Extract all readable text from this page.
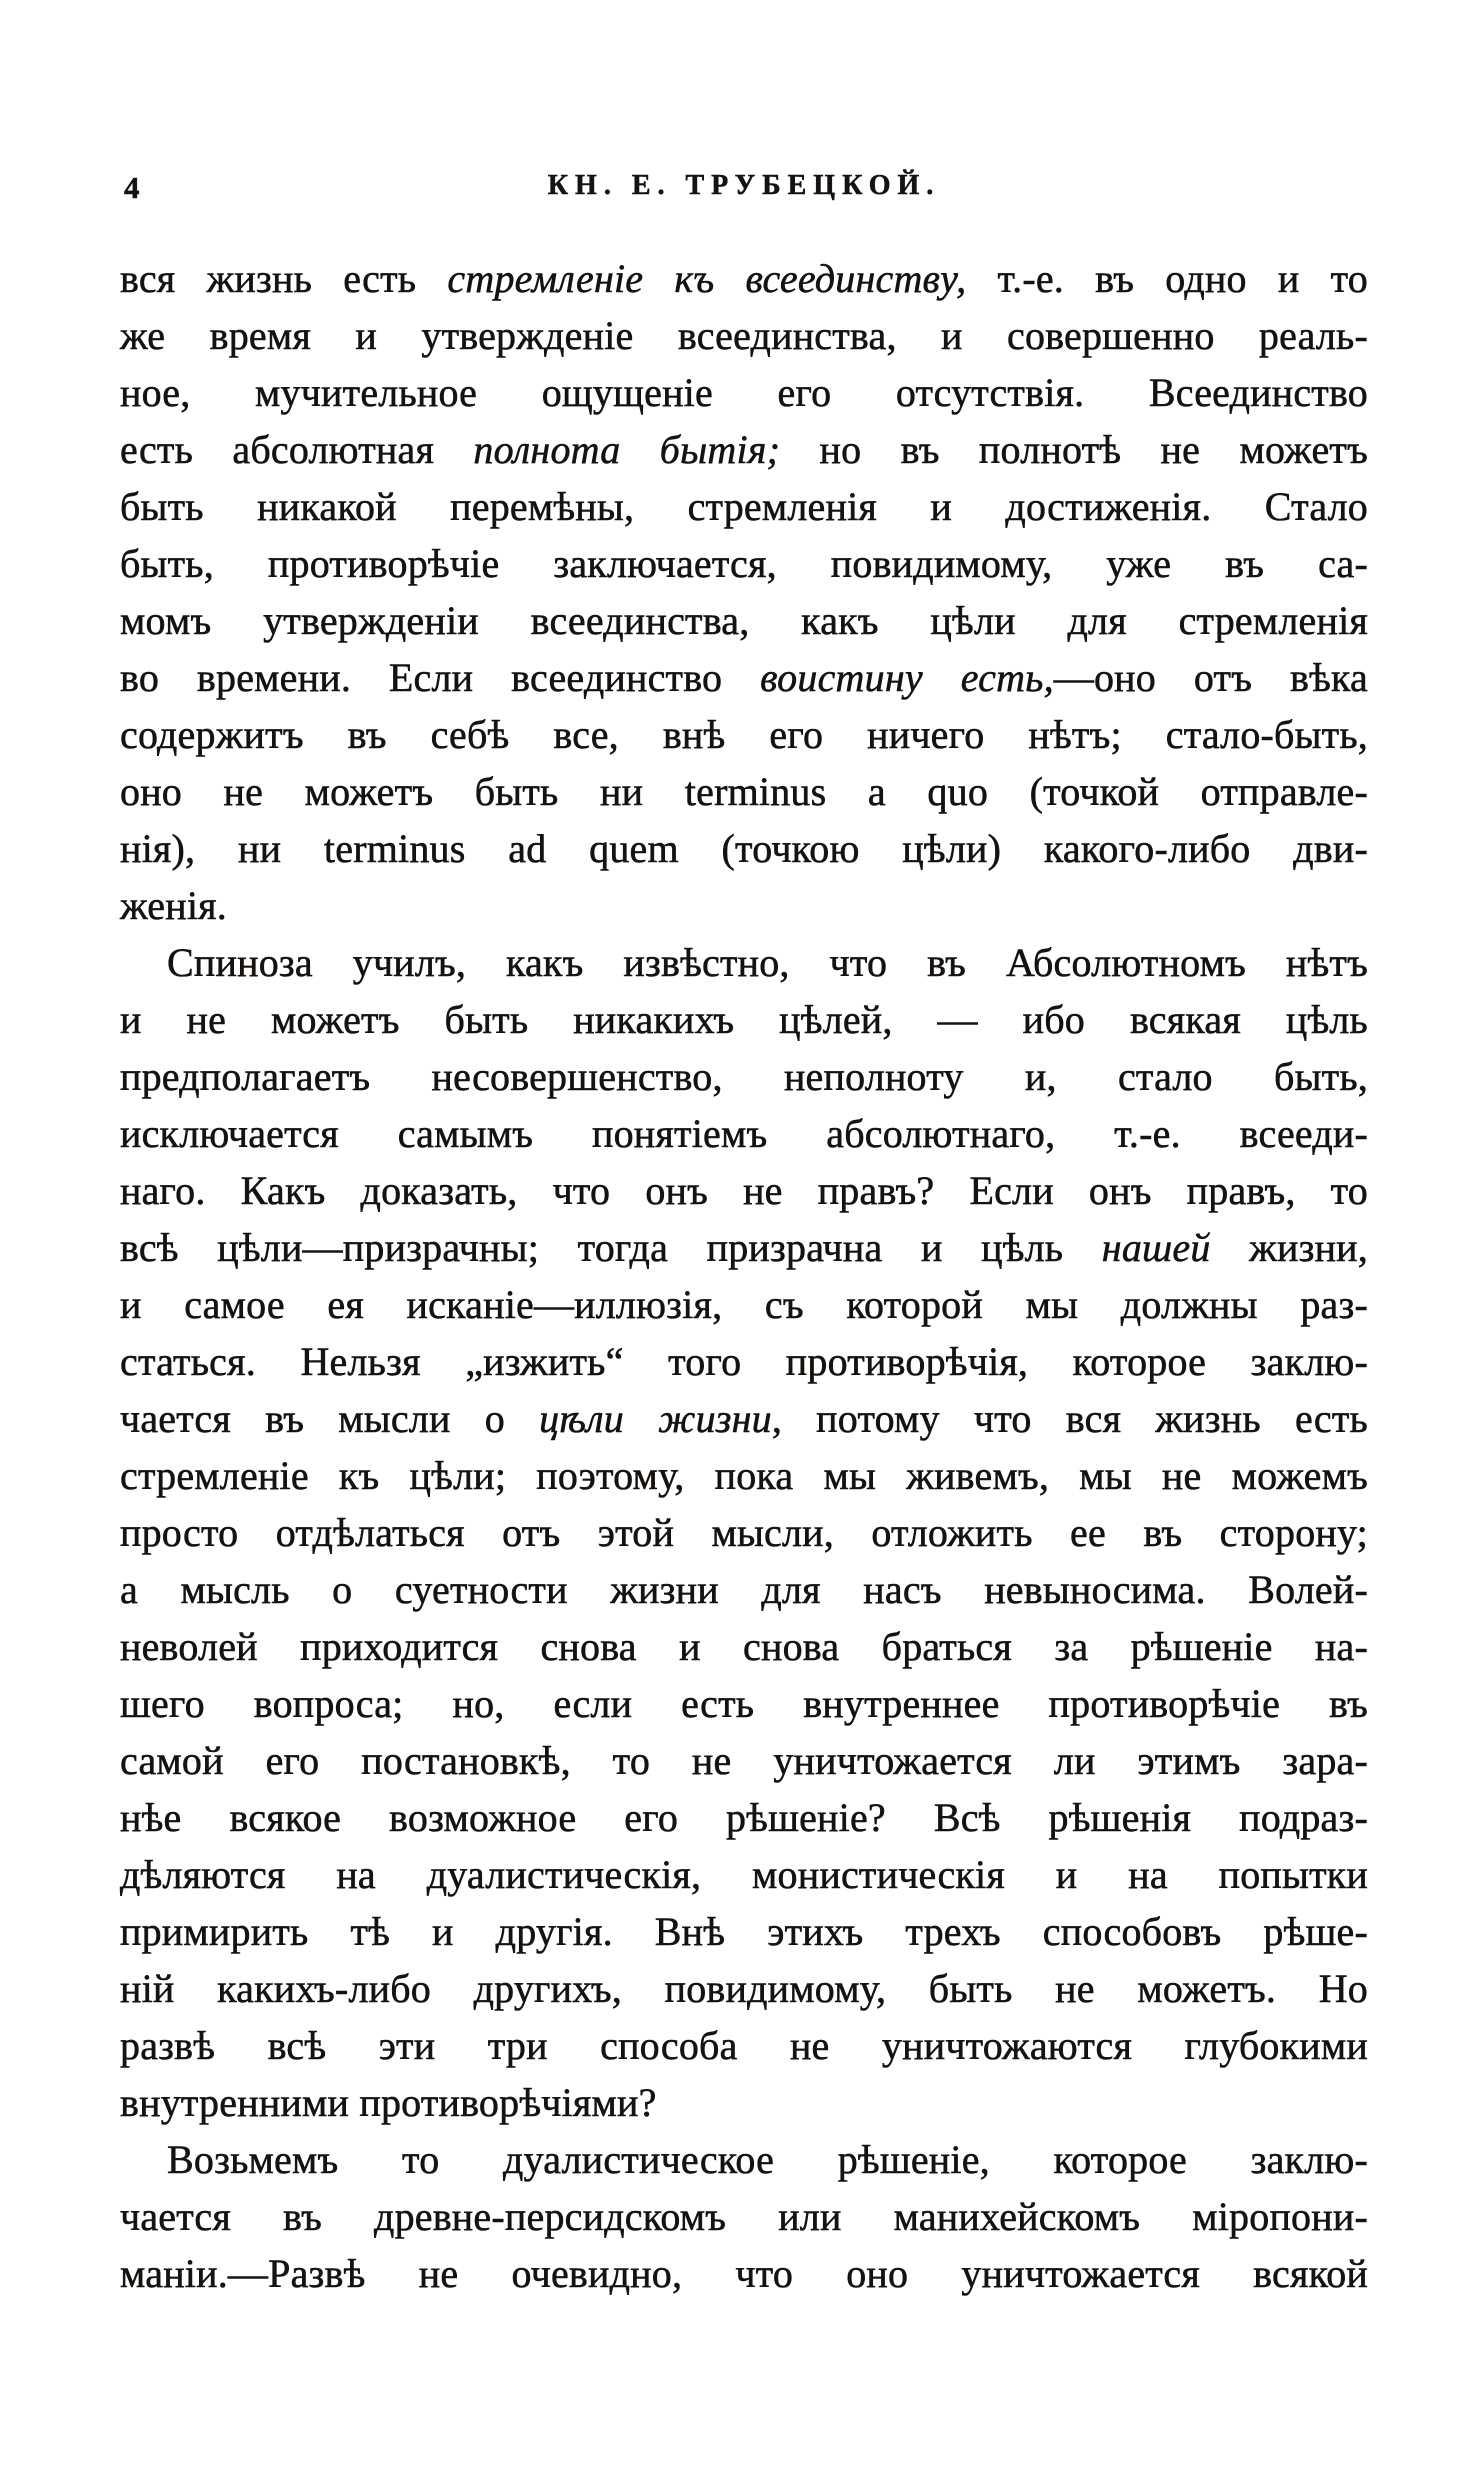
4	КН. Е. ТРУБЕЦКОЙ.
вся жизнь есть стремленіе къ всеединству, т.-е. въ одно и то
же время и утвержденіе всеединства, и совершенно реаль-
ное, мучительное ощущеніе его отсутствія. Всеединство
есть абсолютная полнота бытія; но въ полнотѣ не можетъ
быть никакой перемѣны, стремленія и достиженія. Стало
быть, противорѣчіе заключается, повидимому, уже въ са-
момъ утвержденіи всеединства, какъ цѣли для стремленія
во времени. Если всеединство воистину есть,—оно отъ вѣка
содержитъ въ себѣ все, внѣ его ничего нѣтъ; стало-быть,
оно не можетъ быть ни terminus a quo (точкой отправле-
нія), ни terminus ad quem (точкою цѣли) какого-либо дви-
женія.
Спиноза училъ, какъ извѣстно, что въ Абсолютномъ нѣтъ
и не можетъ быть никакихъ цѣлей, — ибо всякая цѣль
предполагаетъ несовершенство, неполноту и, стало быть,
исключается самымъ понятіемъ абсолютнаго, т.-е. всееди-
наго. Какъ доказать, что онъ не правъ? Если онъ правъ, то
всѣ цѣли—призрачны; тогда призрачна и цѣль нашей жизни,
и самое ея исканіе—иллюзія, съ которой мы должны раз-
статься. Нельзя „изжить“ того противорѣчія, которое заклю-
чается въ мысли о цѣли жизни, потому что вся жизнь есть
стремленіе къ цѣли; поэтому, пока мы живемъ, мы не можемъ
просто отдѣлаться отъ этой мысли, отложить ее въ сторону;
а мысль о суетности жизни для насъ невыносима. Волей-
неволей приходится снова и снова браться за рѣшеніе на-
шего вопроса; но, если есть внутреннее противорѣчіе въ
самой его постановкѣ, то не уничтожается ли этимъ зара-
нѣе всякое возможное его рѣшеніе? Всѣ рѣшенія подраз-
дѣляются на дуалистическія, монистическія и на попытки
примирить тѣ и другія. Внѣ этихъ трехъ способовъ рѣше-
ній какихъ-либо другихъ, повидимому, быть не можетъ. Но
развѣ всѣ эти три способа не уничтожаются глубокими
внутренними противорѣчіями?
Возьмемъ то дуалистическое рѣшеніе, которое заклю-
чается въ древне-персидскомъ или манихейскомъ міропони-
маніи.—Развѣ не очевидно, что оно уничтожается всякой
